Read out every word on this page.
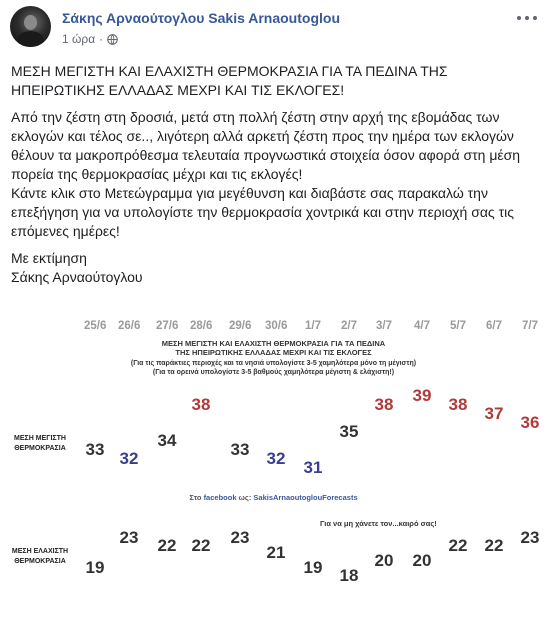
Σάκης Αρναούτογλου Sakis Arnaoutoglou
1 ώρα ·

ΜΕΣΗ ΜΕΓΙΣΤΗ ΚΑΙ ΕΛΑΧΙΣΤΗ ΘΕΡΜΟΚΡΑΣΙΑ ΓΙΑ ΤΑ ΠΕΔΙΝΑ ΤΗΣ ΗΠΕΙΡΩΤΙΚΗΣ ΕΛΛΑΔΑΣ ΜΕΧΡΙ ΚΑΙ ΤΙΣ ΕΚΛΟΓΕΣ!

Από την ζέστη στη δροσιά, μετά στη πολλή ζέστη στην αρχή της εβομάδας των εκλογών και τέλος σε.., λιγότερη αλλά αρκετή ζέστη προς την ημέρα των εκλογών θέλουν τα μακροπρόθεσμα τελευταία προγνωστικά στοιχεία όσον αφορά στη μέση πορεία της θερμοκρασίας μέχρι και τις εκλογές!

Κάντε κλικ στο Μετεώγραμμα για μεγέθυνση και διαβάστε σας παρακαλώ την επεξήγηση για να υπολογίστε την θερμοκρασία χοντρικά και στην περιοχή σας τις επόμενες ημέρες!

Με εκτίμηση

Σάκης Αρναούτογλου

ΜΕΣΗ ΜΕΓΙΣΤΗ ΚΑΙ ΕΛΑΧΙΣΤΗ ΘΕΡΜΟΚΡΑΣΙΑ ΓΙΑ ΤΑ ΠΕΔΙΝΑ
ΤΗΣ ΗΠΕΙΡΩΤΙΚΗΣ ΕΛΛΑΔΑΣ ΜΕΧΡΙ ΚΑΙ ΤΙΣ ΕΚΛΟΓΕΣ
(Για τις παράκτιες περιοχές και τα νησιά υπολογίστε 3-5 χαμηλότερα μόνο τη μέγιστη)
(Για τα ορεινά υπολογίστε 3-5 βαθμούς χαμηλότερα μέγιστη & ελάχιστη!)
ΜΕΣΗ ΜΕΓΙΣΤΗ
ΘΕΡΜΟΚΡΑΣΙΑ
ΜΕΣΗ ΕΛΑΧΙΣΤΗ
ΘΕΡΜΟΚΡΑΣΙΑ
Στο facebook ως: SakisArnaoutoglouForecasts
Για να μη χάνετε τον...καιρό σας!
25/6 26/6 27/6 28/6 29/6 30/6 1/7 2/7 3/7 4/7 5/7 6/7 7/7
33 32
34
38
33 32 31
35
38 39 38 37 36
19
23 22 22 23
21
19 18
20 20
22 22 23
